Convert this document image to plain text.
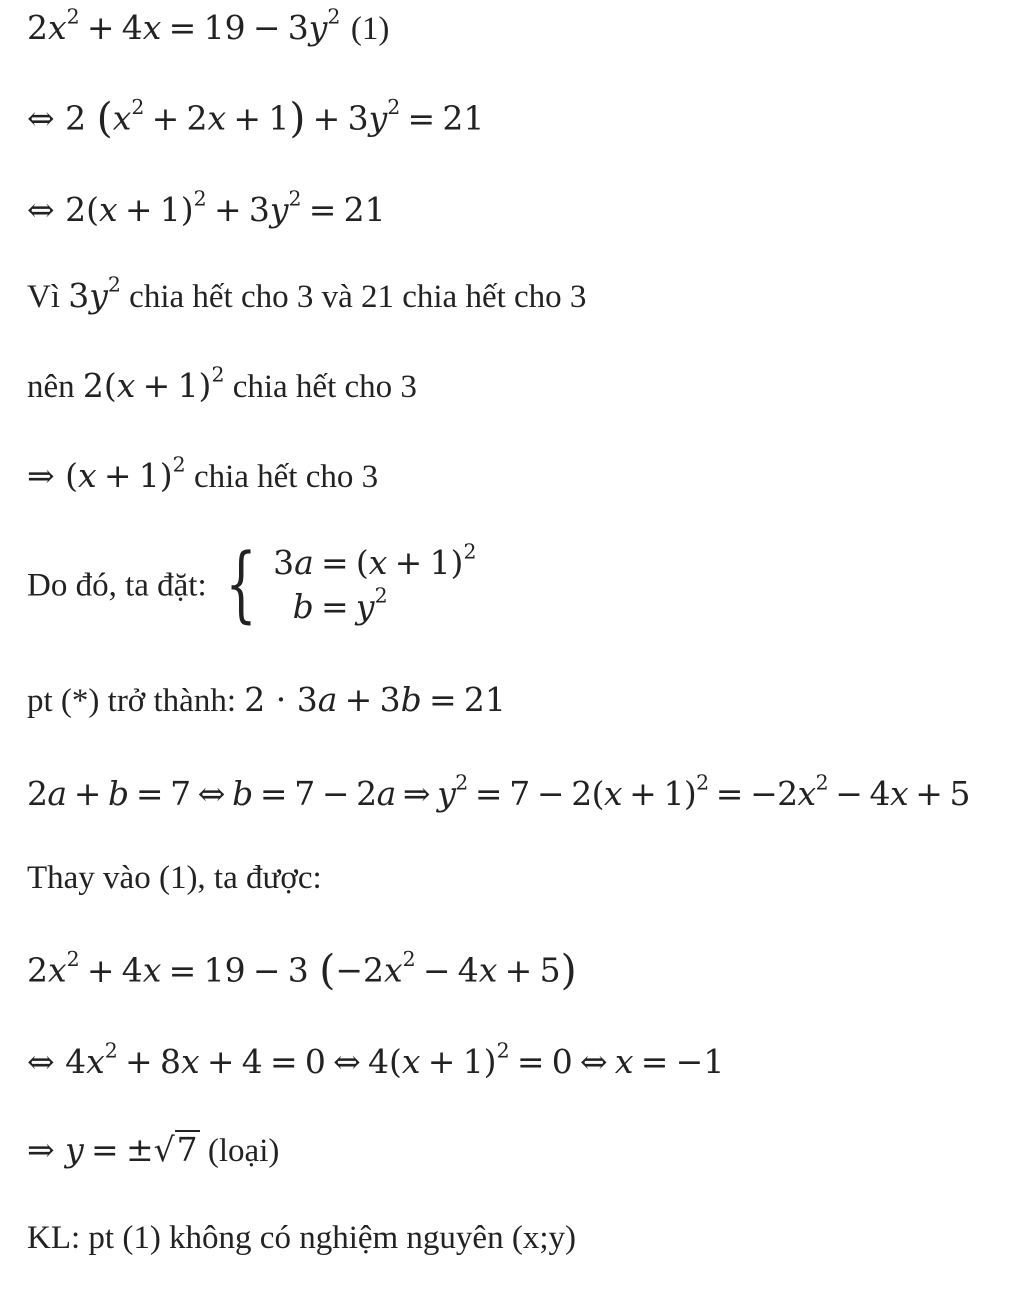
$2x^2 + 4x = 19 - 3y^2$ (1)
⇔ 2 $(x^2 + 2x + 1) + 3y^2 = 21$
⇔ $2(x + 1)^2 + 3y^2 = 21$
Vì $3y^2$ chia hết cho 3 và 21 chia hết cho 3
nên $2(x + 1)^2$ chia hết cho 3
⇒ $(x + 1)^2$ chia hết cho 3
Do đó, ta đặt: { $3a = (x + 1)^2$
$b = y^2$
pt (*) trở thành: 2 · 3a + 3b = 21
2a + b = 7 ⇔ b = 7 − 2a ⇒ $y^2 = 7 - 2(x + 1)^2 = -2x^2 - 4x + 5$
Thay vào (1), ta được:
$2x^2 + 4x = 19 - 3$ $(-2x^2 - 4x + 5)$
⇔ $4x^2 + 8x + 4 = 0$ ⇔ $4(x + 1)^2 = 0$ ⇔ x = −1
⇒ y = ±√7 (loại)
KL: pt (1) không có nghiệm nguyên (x;y)
